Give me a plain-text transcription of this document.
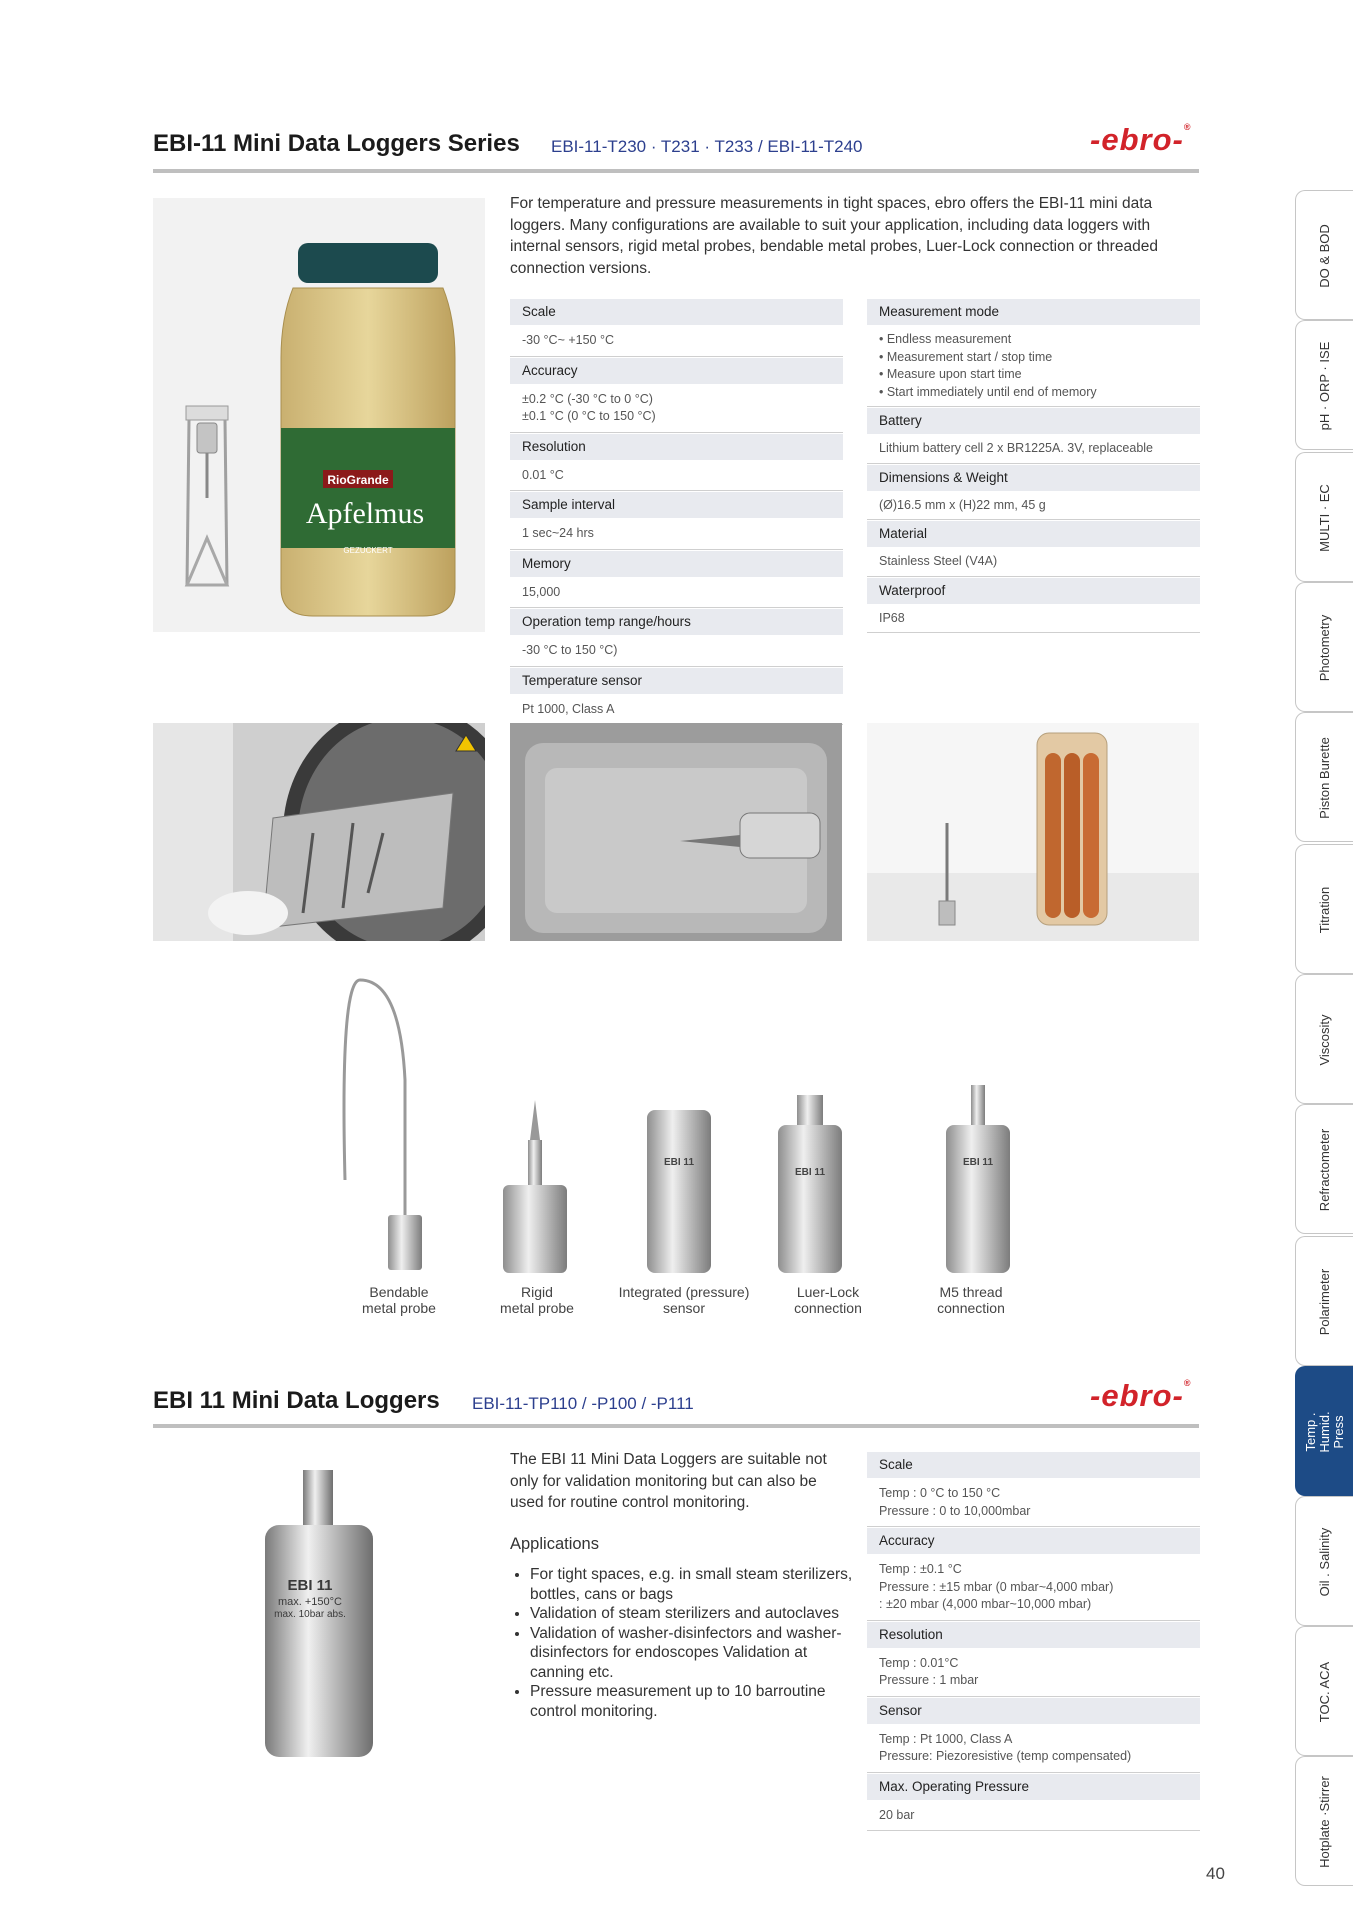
EBI-11 Mini Data Loggers Series EBI-11-T230 · T231 · T233 / EBI-11-T240	-ebro-®
Apfelmus
RioGrande
GEZUCKERT
For temperature and pressure measurements in tight spaces, ebro offers the EBI-11 mini data loggers. Many configurations are available to suit your application, including data loggers with internal sensors, rigid metal probes, bendable metal probes, Luer-Lock connection or threaded connection versions.
Scale
-30 °C~ +150 °C
Accuracy
±0.2 °C (-30 °C to 0 °C)
±0.1 °C (0 °C to 150 °C)
Resolution
0.01 °C
Sample interval
1 sec~24 hrs
Memory
15,000
Operation temp range/hours
-30 °C to 150 °C)
Temperature sensor
Pt 1000, Class A
Measurement mode
• Endless measurement
• Measurement start / stop time
• Measure upon start time
• Start immediately until end of memory
Battery
Lithium battery cell 2 x BR1225A. 3V, replaceable
Dimensions & Weight
(Ø)16.5 mm x (H)22 mm, 45 g
Material
Stainless Steel (V4A)
Waterproof
IP68
EBI 11
EBI 11
EBI 11
Bendable
metal probe
Rigid
metal probe
Integrated (pressure)
sensor
Luer-Lock
connection
M5 thread
connection
EBI 11 Mini Data Loggers EBI-11-TP110 / -P100 / -P111	-ebro-®
EBI 11 max. +150°C max. 10bar abs.
The EBI 11 Mini Data Loggers are suitable not only for validation monitoring but can also be used for routine control monitoring.
Applications
• For tight spaces, e.g. in small steam sterilizers, bottles, cans or bags
• Validation of steam sterilizers and autoclaves
• Validation of washer-disinfectors and washer-disinfectors for endoscopes Validation at canning etc.
• Pressure measurement up to 10 barroutine control monitoring.
Scale
Temp : 0 °C to 150 °C
Pressure : 0 to 10,000mbar
Accuracy
Temp : ±0.1 °C
Pressure : ±15 mbar (0 mbar~4,000 mbar)
: ±20 mbar (4,000 mbar~10,000 mbar)
Resolution
Temp : 0.01°C
Pressure : 1 mbar
Sensor
Temp : Pt 1000, Class A
Pressure: Piezoresistive (temp compensated)
Max. Operating Pressure
20 bar
DO & BOD
pH · ORP · ISE
MULTI · EC
Photometry
Piston Burette
Titration
Viscosity
Refractometer
Polarimeter
Temp . Humid.
Press
Oil . Salinity
TOC. ACA
Hotplate ·Stirrer
40
